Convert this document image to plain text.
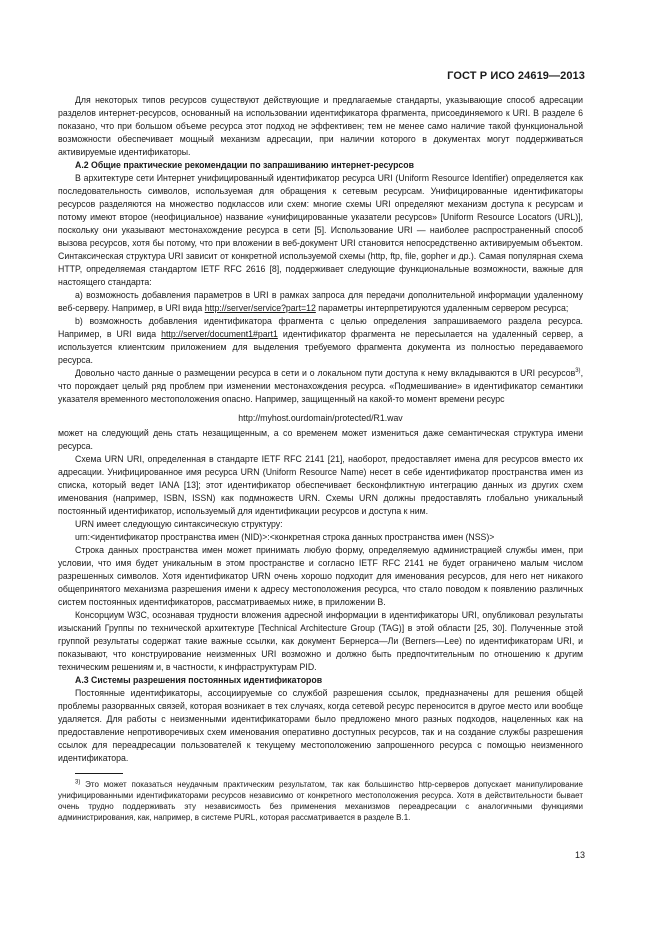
ГОСТ Р ИСО 24619—2013

Для некоторых типов ресурсов существуют действующие и предлагаемые стандарты, указывающие способ адресации разделов интернет-ресурсов, основанный на использовании идентификатора фрагмента, присоединяемого к URI. В разделе 6 показано, что при большом объеме ресурса этот подход не эффективен; тем не менее само наличие такой функциональной возможности обеспечивает мощный механизм адресации, при наличии которого в документах могут поддерживаться активируемые идентификаторы.

A.2 Общие практические рекомендации по запрашиванию интернет-ресурсов

В архитектуре сети Интернет унифицированный идентификатор ресурса URI (Uniform Resource Identifier) определяется как последовательность символов, используемая для обращения к сетевым ресурсам. Унифицированные идентификаторы ресурсов разделяются на множество подклассов или схем: многие схемы URI определяют механизм доступа к ресурсам и потому имеют второе (неофициальное) название «унифицированные указатели ресурсов» [Uniform Resource Locators (URL)], поскольку они указывают местонахождение ресурса в сети [5]. Использование URI — наиболее распространенный способ вызова ресурсов, хотя бы потому, что при вложении в веб-документ URI становится непосредственно активируемым объектом. Синтаксическая структура URI зависит от конкретной используемой схемы (http, ftp, file, gopher и др.). Самая популярная схема HTTP, определяемая стандартом IETF RFC 2616 [8], поддерживает следующие функциональные возможности, важные для настоящего стандарта:

a) возможность добавления параметров в URI в рамках запроса для передачи дополнительной информации удаленному веб-серверу. Например, в URI вида http://server/service?part=12 параметры интерпретируются удаленным сервером ресурса;

b) возможность добавления идентификатора фрагмента с целью определения запрашиваемого раздела ресурса. Например, в URI вида http://server/document1#part1 идентификатор фрагмента не пересылается на удаленный сервер, а используется клиентским приложением для выделения требуемого фрагмента документа из полностью передаваемого ресурса.

Довольно часто данные о размещении ресурса в сети и о локальном пути доступа к нему вкладываются в URI ресурсов$^{3)}$, что порождает целый ряд проблем при изменении местонахождения ресурса. «Подмешивание» в идентификатор семантики указателя временного местоположения опасно. Например, защищенный на какой-то момент времени ресурс

http://myhost.ourdomain/protected/R1.wav

может на следующий день стать незащищенным, а со временем может измениться даже семантическая структура имени ресурса.

Схема URN URI, определенная в стандарте IETF RFC 2141 [21], наоборот, предоставляет имена для ресурсов вместо их адресации. Унифицированное имя ресурса URN (Uniform Resource Name) несет в себе идентификатор пространства имен из списка, который ведет IANA [13]; этот идентификатор обеспечивает бесконфликтную интеграцию данных из других схем именования (например, ISBN, ISSN) как подмножеств URN. Схемы URN должны предоставлять глобально уникальный постоянный идентификатор, используемый для идентификации ресурсов и доступа к ним.

URN имеет следующую синтаксическую структуру:

urn:<идентификатор пространства имен (NID)>:<конкретная строка данных пространства имен (NSS)>

Строка данных пространства имен может принимать любую форму, определяемую администрацией службы имен, при условии, что имя будет уникальным в этом пространстве и согласно IETF RFC 2141 не будет ограничено малым числом разрешенных символов. Хотя идентификатор URN очень хорошо подходит для именования ресурсов, для него нет никакого общепринятого механизма разрешения имени к адресу местоположения ресурса, что стало поводом к появлению различных систем постоянных идентификаторов, рассматриваемых ниже, в приложении B.

Консорциум W3C, осознавая трудности вложения адресной информации в идентификаторы URI, опубликовал результаты изысканий Группы по технической архитектуре [Technical Architecture Group (TAG)] в этой области [25, 30]. Полученные этой группой результаты содержат такие важные ссылки, как документ Бернерса—Ли (Berners—Lee) по идентификаторам URI, и показывают, что конструирование неизменных URI возможно и должно быть предпочтительным по отношению к другим техническим решениям и, в частности, к инфраструктурам PID.

A.3 Системы разрешения постоянных идентификаторов

Постоянные идентификаторы, ассоциируемые со службой разрешения ссылок, предназначены для решения общей проблемы разорванных связей, которая возникает в тех случаях, когда сетевой ресурс переносится в другое место или вообще удаляется. Для работы с неизменными идентификаторами было предложено много разных подходов, нацеленных как на предоставление непротиворечивых схем именования оперативно доступных ресурсов, так и на создание службы разрешения ссылок для переадресации пользователей к текущему местоположению запрошенного ресурса с помощью неизменного идентификатора.

$^{3)}$ Это может показаться неудачным практическим результатом, так как большинство http-серверов допускает манипулирование унифицированными идентификаторами ресурсов независимо от конкретного местоположения ресурса. Хотя в действительности бывает очень трудно поддерживать эту независимость без применения механизмов переадресации с аналогичными функциями администрирования, как, например, в системе PURL, которая рассматривается в разделе B.1.

13
